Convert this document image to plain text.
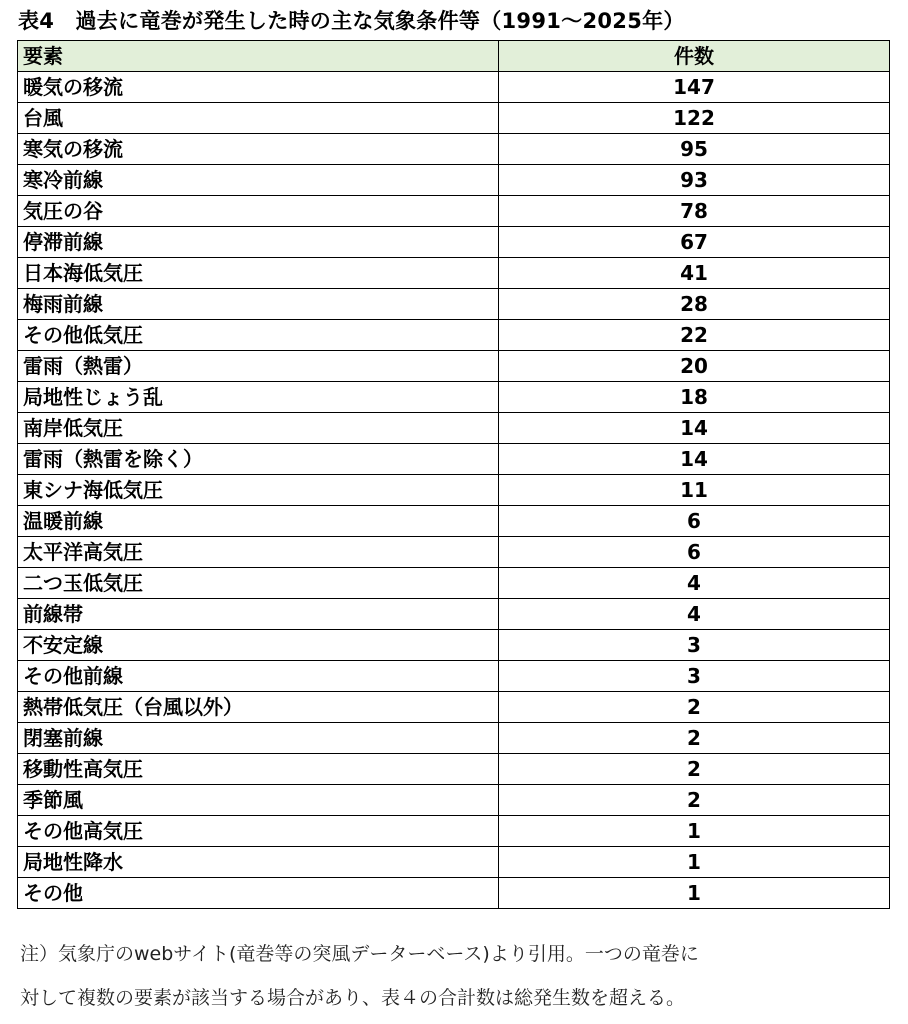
表4　過去に竜巻が発生した時の主な気象条件等（1991～2025年）
要素	件数
暖気の移流	147
台風	122
寒気の移流	95
寒冷前線	93
気圧の谷	78
停滞前線	67
日本海低気圧	41
梅雨前線	28
その他低気圧	22
雷雨（熱雷）	20
局地性じょう乱	18
南岸低気圧	14
雷雨（熱雷を除く）	14
東シナ海低気圧	11
温暖前線	6
太平洋高気圧	6
二つ玉低気圧	4
前線帯	4
不安定線	3
その他前線	3
熱帯低気圧（台風以外）	2
閉塞前線	2
移動性高気圧	2
季節風	2
その他高気圧	1
局地性降水	1
その他	1
注）気象庁のwebサイト(竜巻等の突風データーベース)より引用。一つの竜巻に
対して複数の要素が該当する場合があり、表４の合計数は総発生数を超える。
